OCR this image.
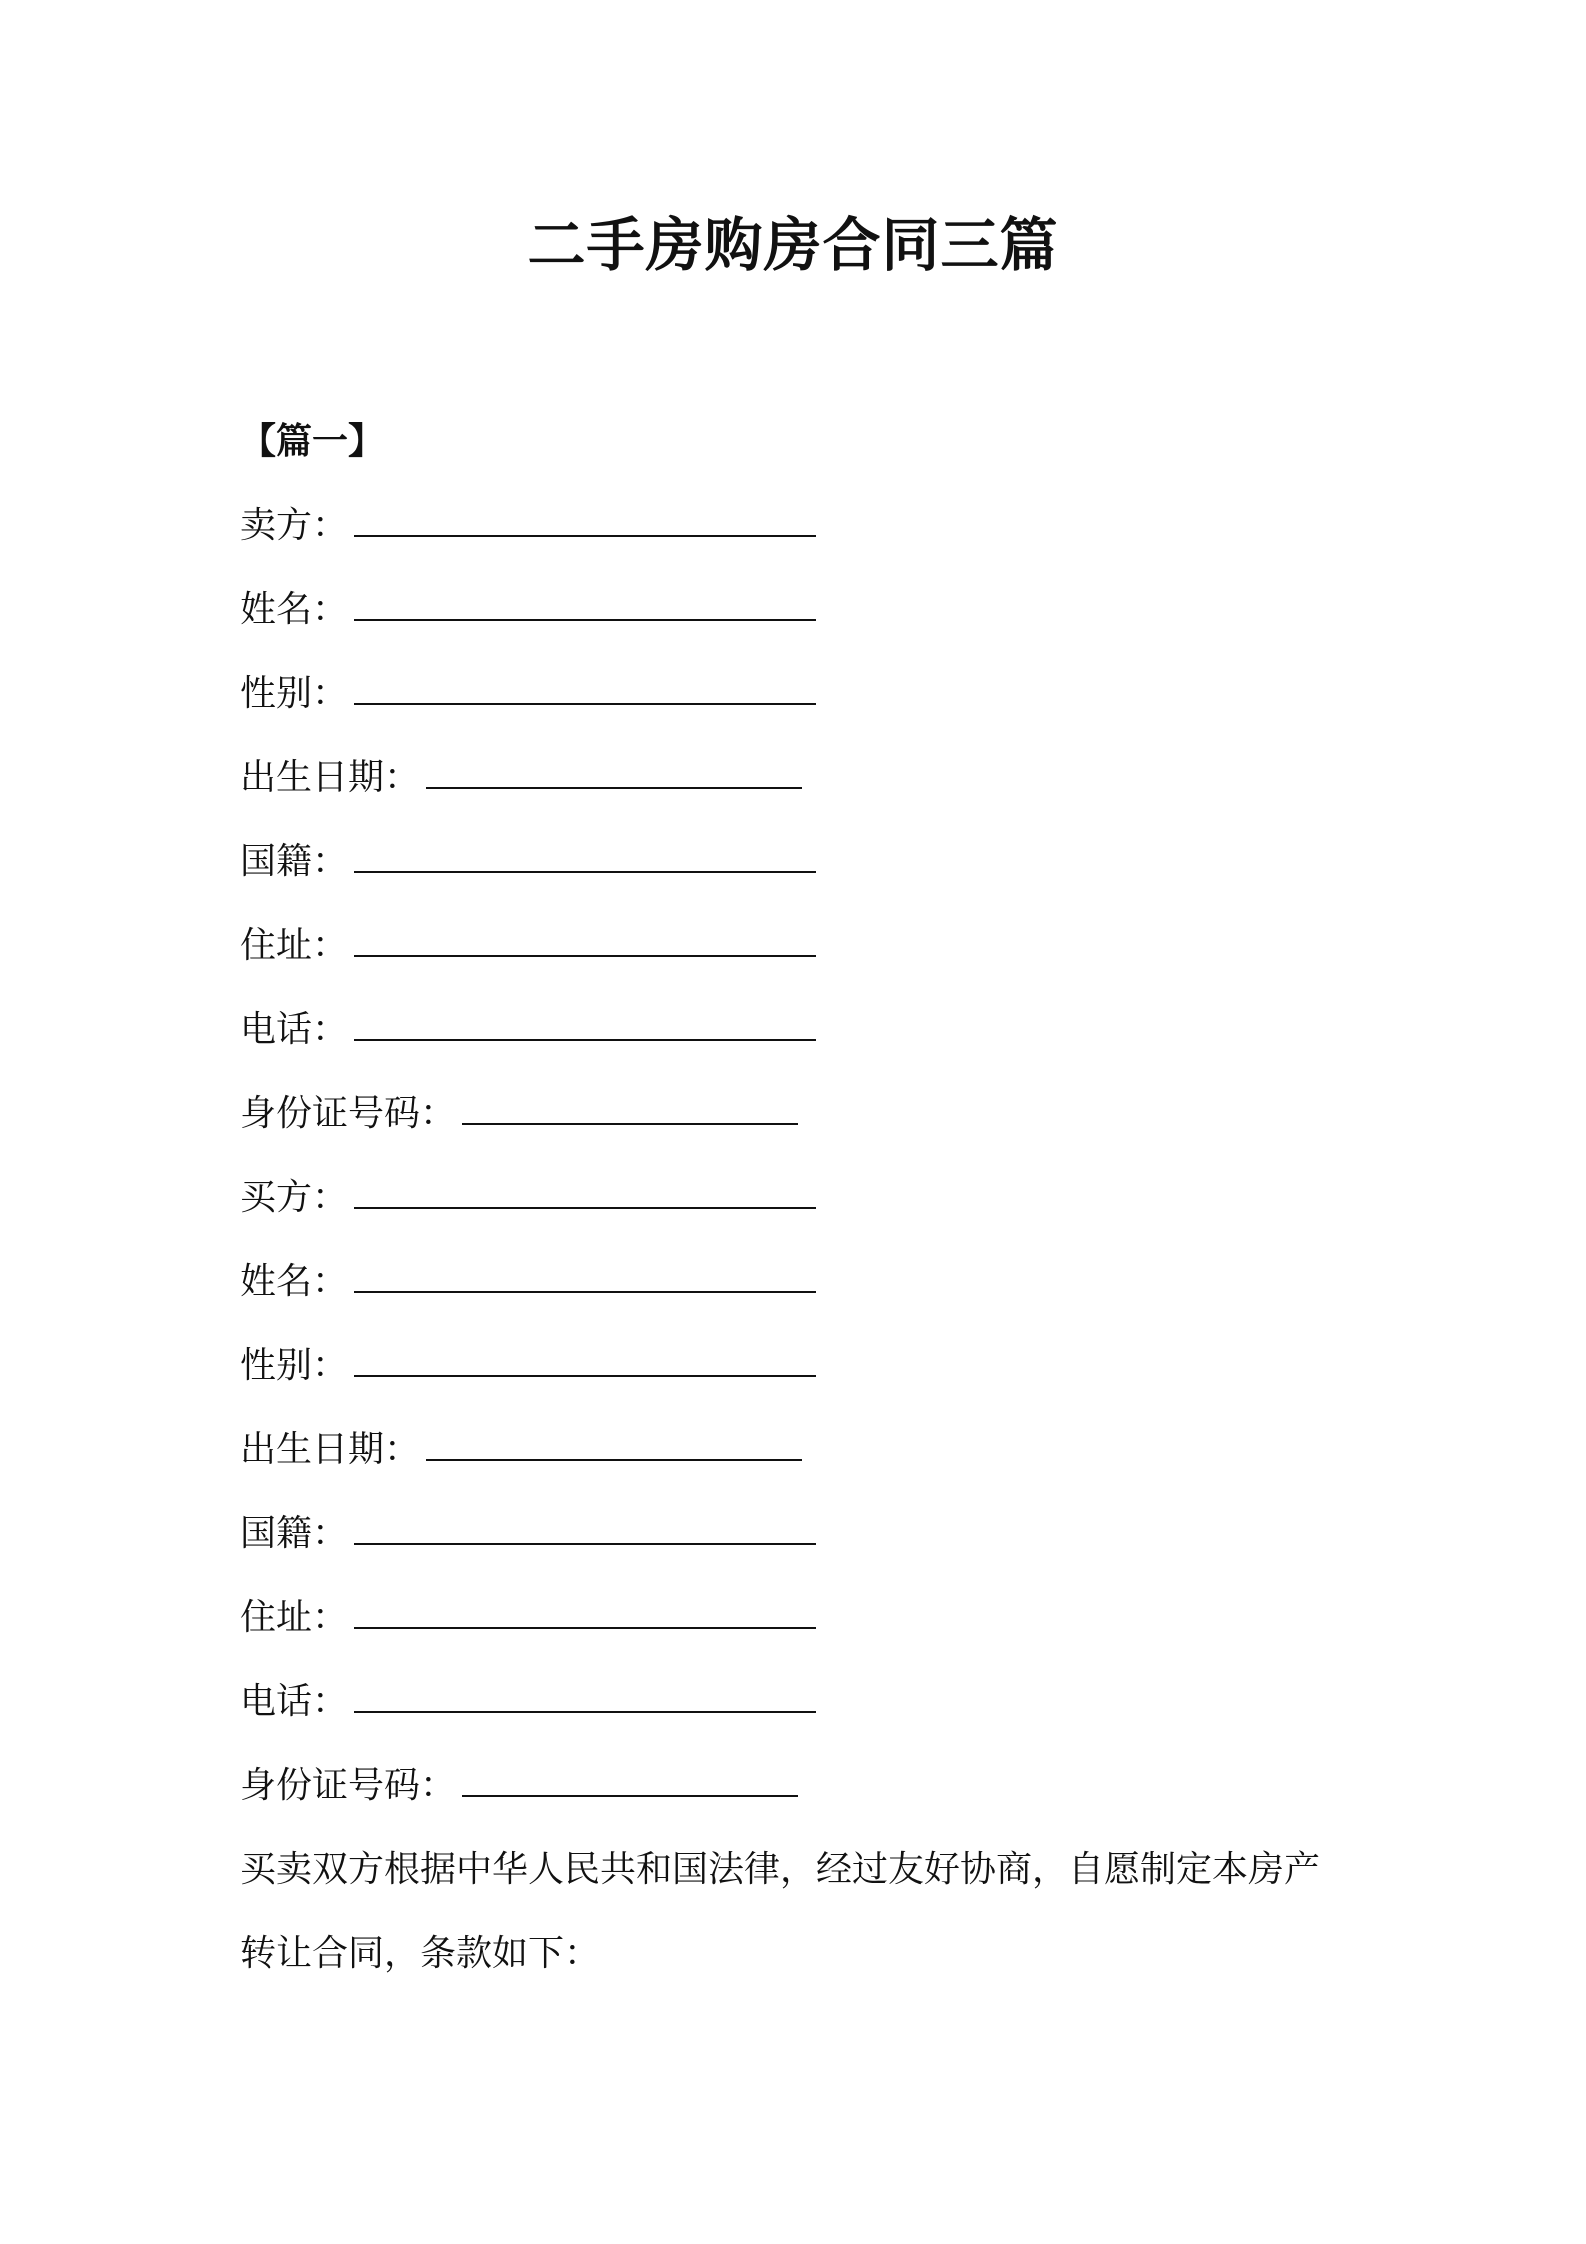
二手房购房合同三篇
【篇一】
卖方：
姓名：
性别：
出生日期：
国籍：
住址：
电话：
身份证号码：
买方：
姓名：
性别：
出生日期：
国籍：
住址：
电话：
身份证号码：

买卖双方根据中华人民共和国法律，经过友好协商，自愿制定本房产

转让合同，条款如下：
